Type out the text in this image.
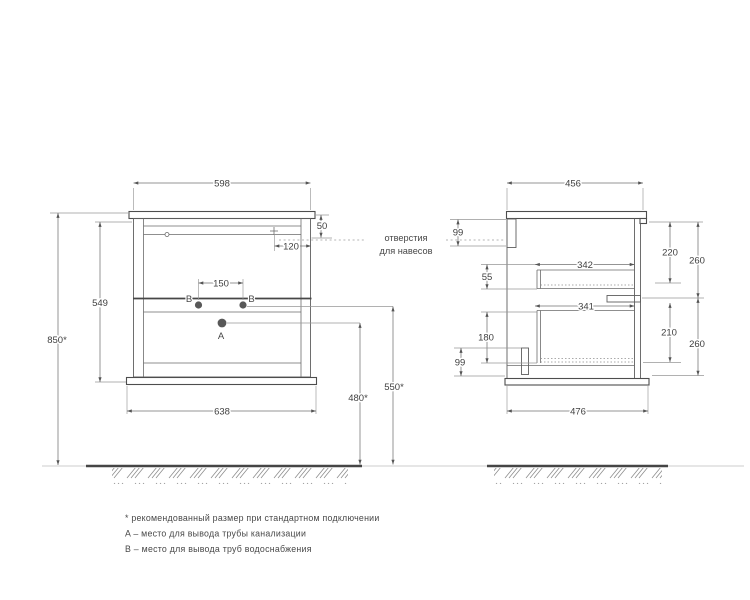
B	B
A
598
50
120
150
549
850*
638
480*
550*
456
99
55
342
341
180
99
220
260
210
260
476
отверстия
для навесов
* рекомендованный размер при стандартном подключении
A – место для вывода трубы канализации
B – место для вывода труб водоснабжения
